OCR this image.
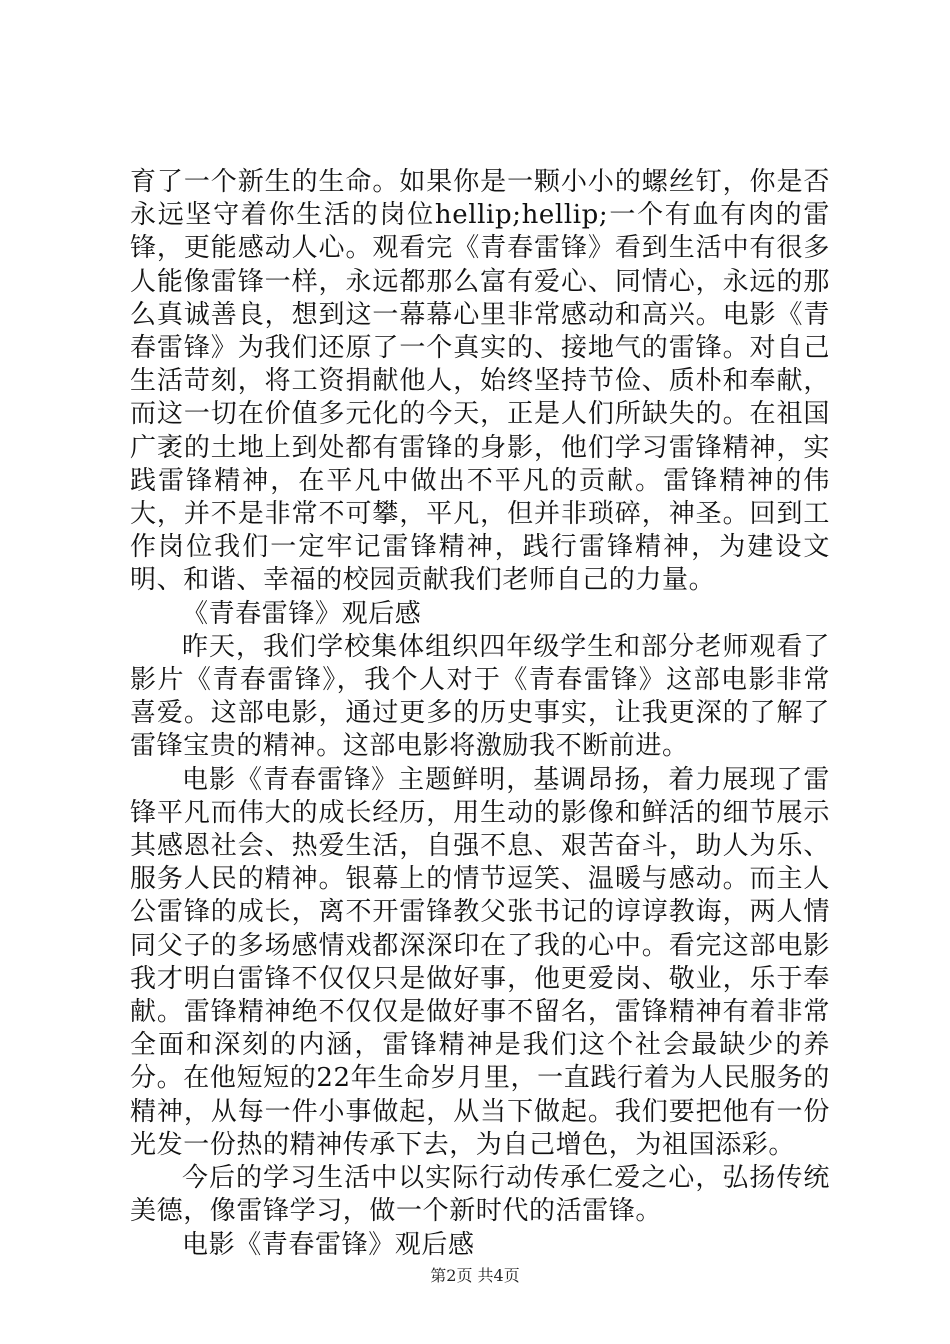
育了一个新生的生命。如果你是一颗小小的螺丝钉，你是否永远坚守着你生活的岗位hellip;hellip;一个有血有肉的雷锋，更能感动人心。观看完《青春雷锋》看到生活中有很多人能像雷锋一样，永远都那么富有爱心、同情心，永远的那么真诚善良，想到这一幕幕心里非常感动和高兴。电影《青春雷锋》为我们还原了一个真实的、接地气的雷锋。对自己生活苛刻，将工资捐献他人，始终坚持节俭、质朴和奉献，而这一切在价值多元化的今天，正是人们所缺失的。在祖国广袤的土地上到处都有雷锋的身影，他们学习雷锋精神，实践雷锋精神，在平凡中做出不平凡的贡献。雷锋精神的伟大，并不是非常不可攀，平凡，但并非琐碎，神圣。回到工作岗位我们一定牢记雷锋精神，践行雷锋精神，为建设文明、和谐、幸福的校园贡献我们老师自己的力量。

《青春雷锋》观后感

昨天，我们学校集体组织四年级学生和部分老师观看了影片《青春雷锋》，我个人对于《青春雷锋》这部电影非常喜爱。这部电影，通过更多的历史事实，让我更深的了解了雷锋宝贵的精神。这部电影将激励我不断前进。

电影《青春雷锋》主题鲜明，基调昂扬，着力展现了雷锋平凡而伟大的成长经历，用生动的影像和鲜活的细节展示其感恩社会、热爱生活，自强不息、艰苦奋斗，助人为乐、服务人民的精神。银幕上的情节逗笑、温暖与感动。而主人公雷锋的成长，离不开雷锋教父张书记的谆谆教诲，两人情同父子的多场感情戏都深深印在了我的心中。看完这部电影我才明白雷锋不仅仅只是做好事，他更爱岗、敬业，乐于奉献。雷锋精神绝不仅仅是做好事不留名，雷锋精神有着非常全面和深刻的内涵，雷锋精神是我们这个社会最缺少的养分。在他短短的22年生命岁月里，一直践行着为人民服务的精神，从每一件小事做起，从当下做起。我们要把他有一份光发一份热的精神传承下去，为自己增色，为祖国添彩。

今后的学习生活中以实际行动传承仁爱之心，弘扬传统美德，像雷锋学习，做一个新时代的活雷锋。

电影《青春雷锋》观后感

第2页 共4页
